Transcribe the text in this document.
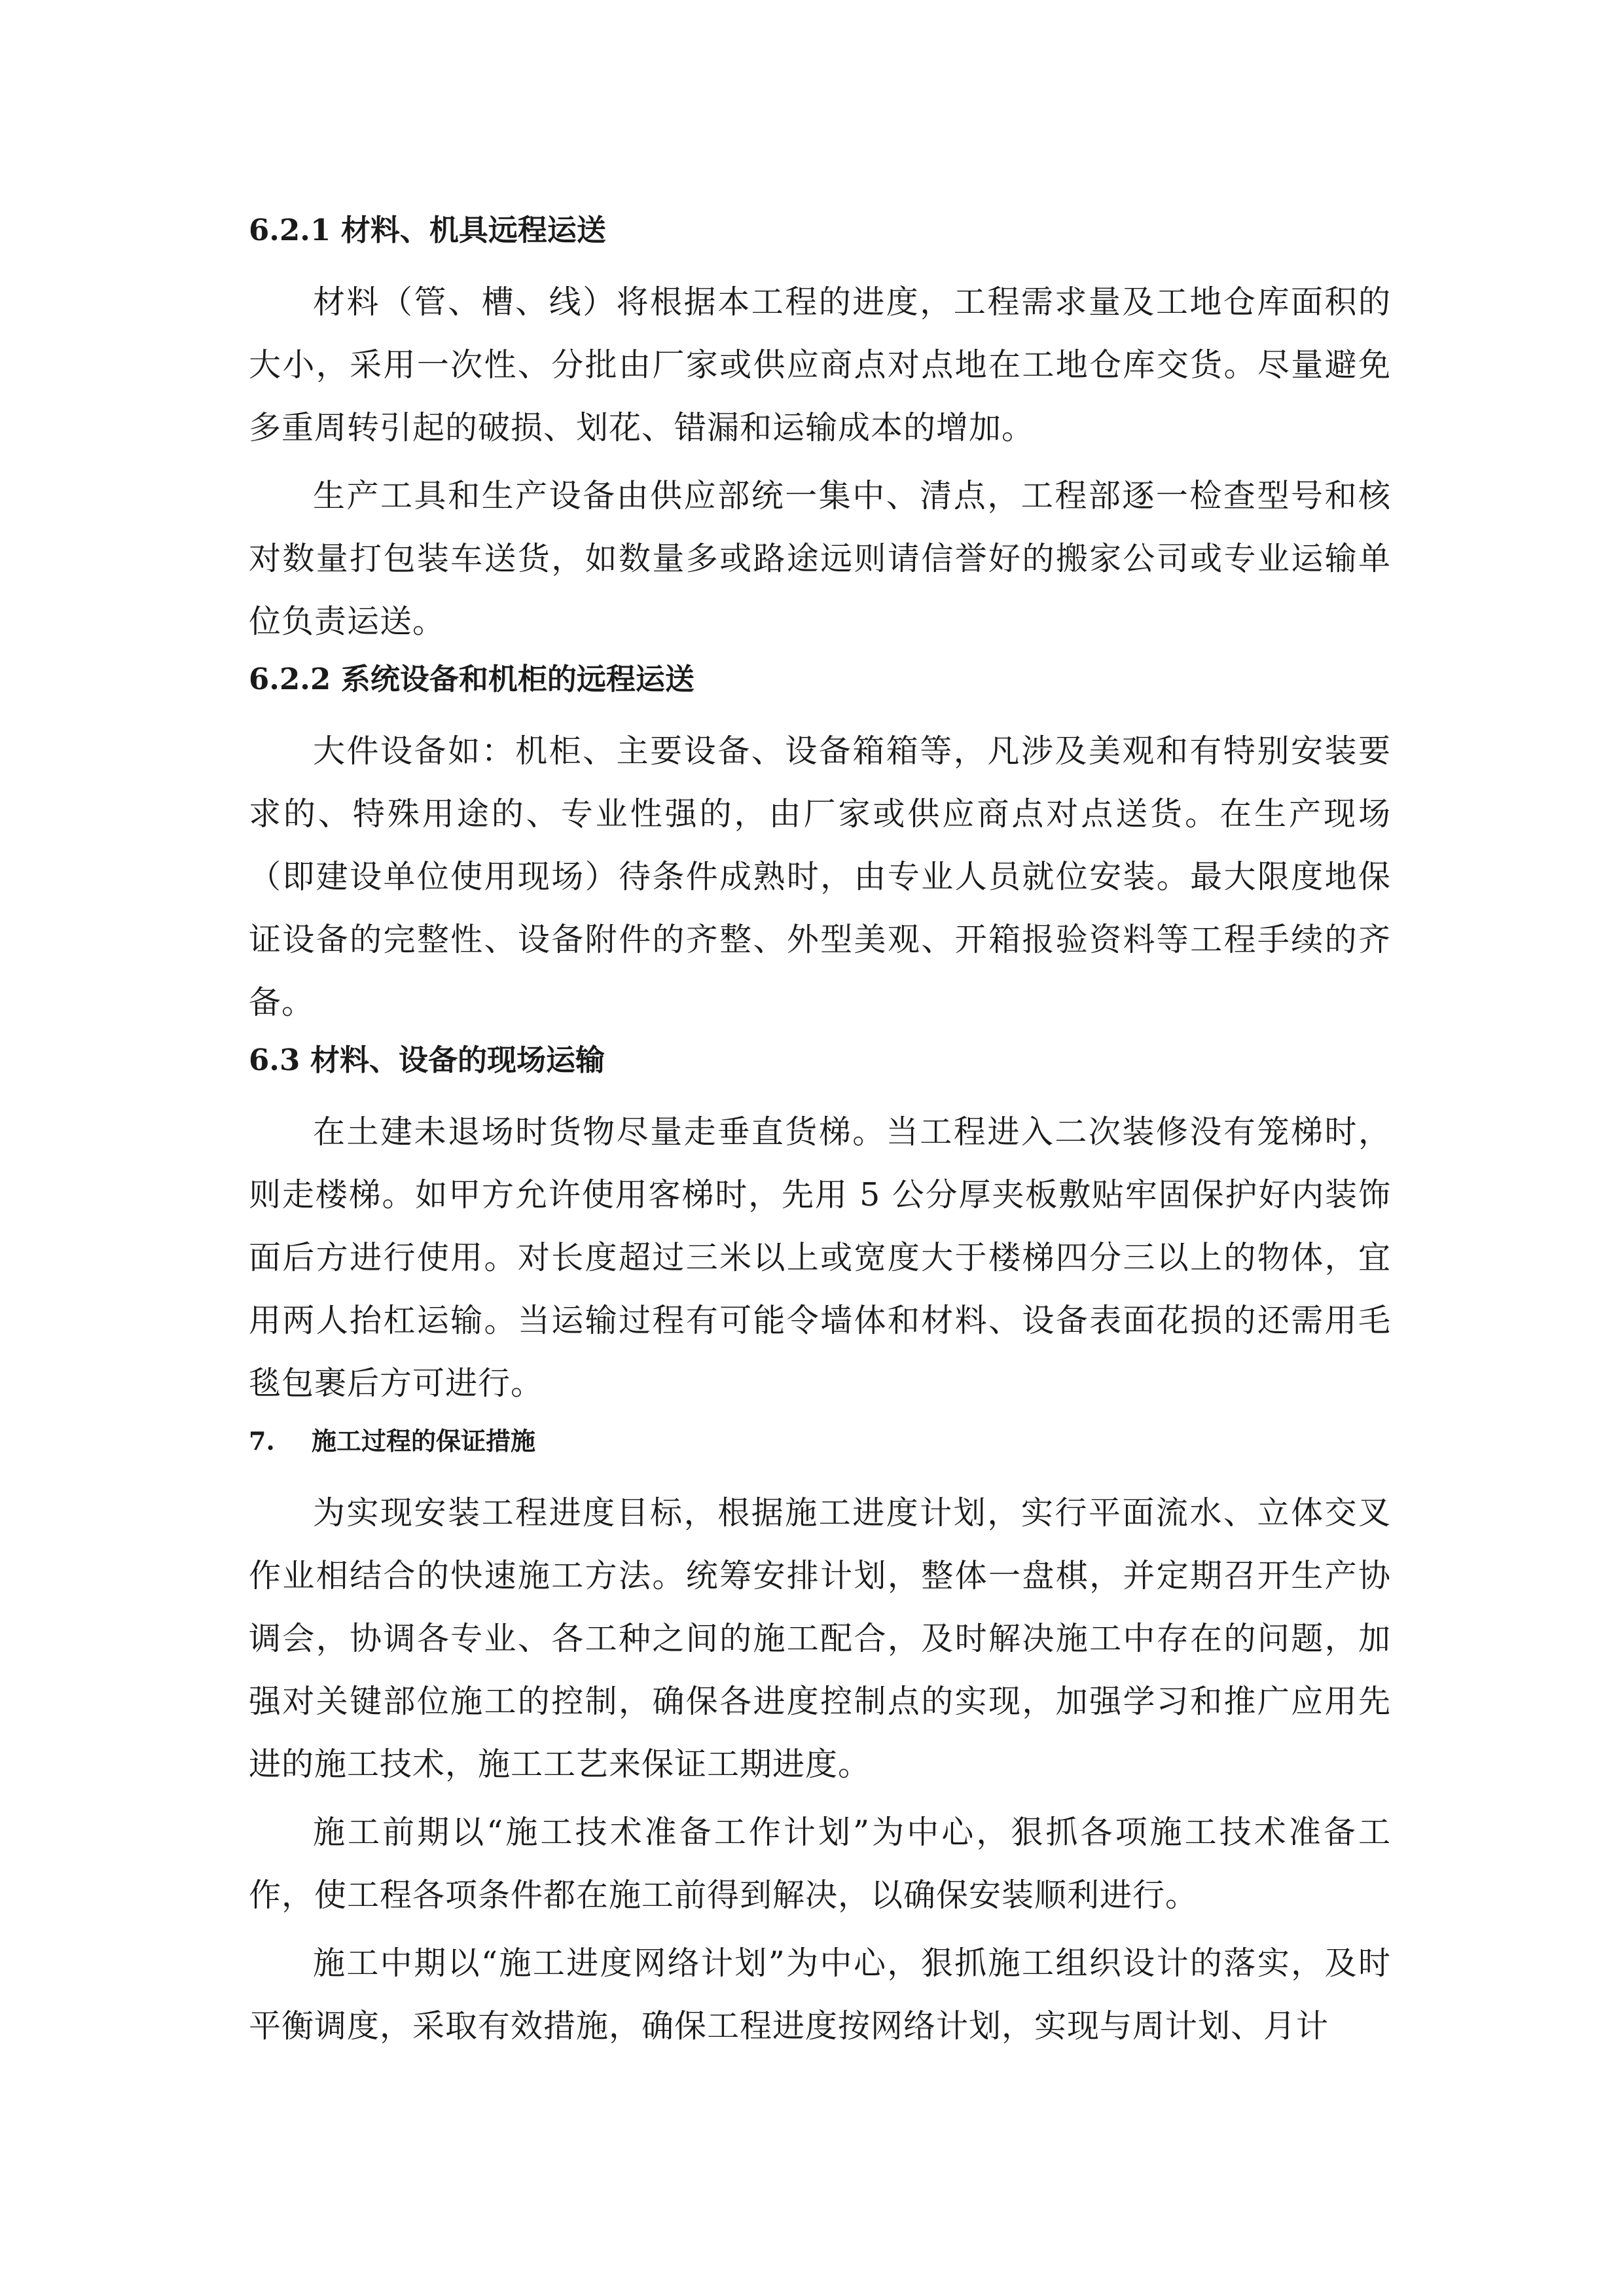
6.2.1 材料、机具远程运送

材料（管、槽、线）将根据本工程的进度，工程需求量及工地仓库面积的大小，采用一次性、分批由厂家或供应商点对点地在工地仓库交货。尽量避免多重周转引起的破损、划花、错漏和运输成本的增加。

生产工具和生产设备由供应部统一集中、清点，工程部逐一检查型号和核对数量打包装车送货，如数量多或路途远则请信誉好的搬家公司或专业运输单位负责运送。

6.2.2 系统设备和机柜的远程运送

大件设备如：机柜、主要设备、设备箱箱等，凡涉及美观和有特别安装要求的、特殊用途的、专业性强的，由厂家或供应商点对点送货。在生产现场（即建设单位使用现场）待条件成熟时，由专业人员就位安装。最大限度地保证设备的完整性、设备附件的齐整、外型美观、开箱报验资料等工程手续的齐备。

6.3 材料、设备的现场运输

在土建未退场时货物尽量走垂直货梯。当工程进入二次装修没有笼梯时，则走楼梯。如甲方允许使用客梯时，先用 5 公分厚夹板敷贴牢固保护好内装饰面后方进行使用。对长度超过三米以上或宽度大于楼梯四分三以上的物体，宜用两人抬杠运输。当运输过程有可能令墙体和材料、设备表面花损的还需用毛毯包裹后方可进行。

7. 施工过程的保证措施

为实现安装工程进度目标，根据施工进度计划，实行平面流水、立体交叉作业相结合的快速施工方法。统筹安排计划，整体一盘棋，并定期召开生产协调会，协调各专业、各工种之间的施工配合，及时解决施工中存在的问题，加强对关键部位施工的控制，确保各进度控制点的实现，加强学习和推广应用先进的施工技术，施工工艺来保证工期进度。

施工前期以“施工技术准备工作计划”为中心，狠抓各项施工技术准备工作，使工程各项条件都在施工前得到解决，以确保安装顺利进行。

施工中期以“施工进度网络计划”为中心，狠抓施工组织设计的落实，及时平衡调度，采取有效措施，确保工程进度按网络计划，实现与周计划、月计
